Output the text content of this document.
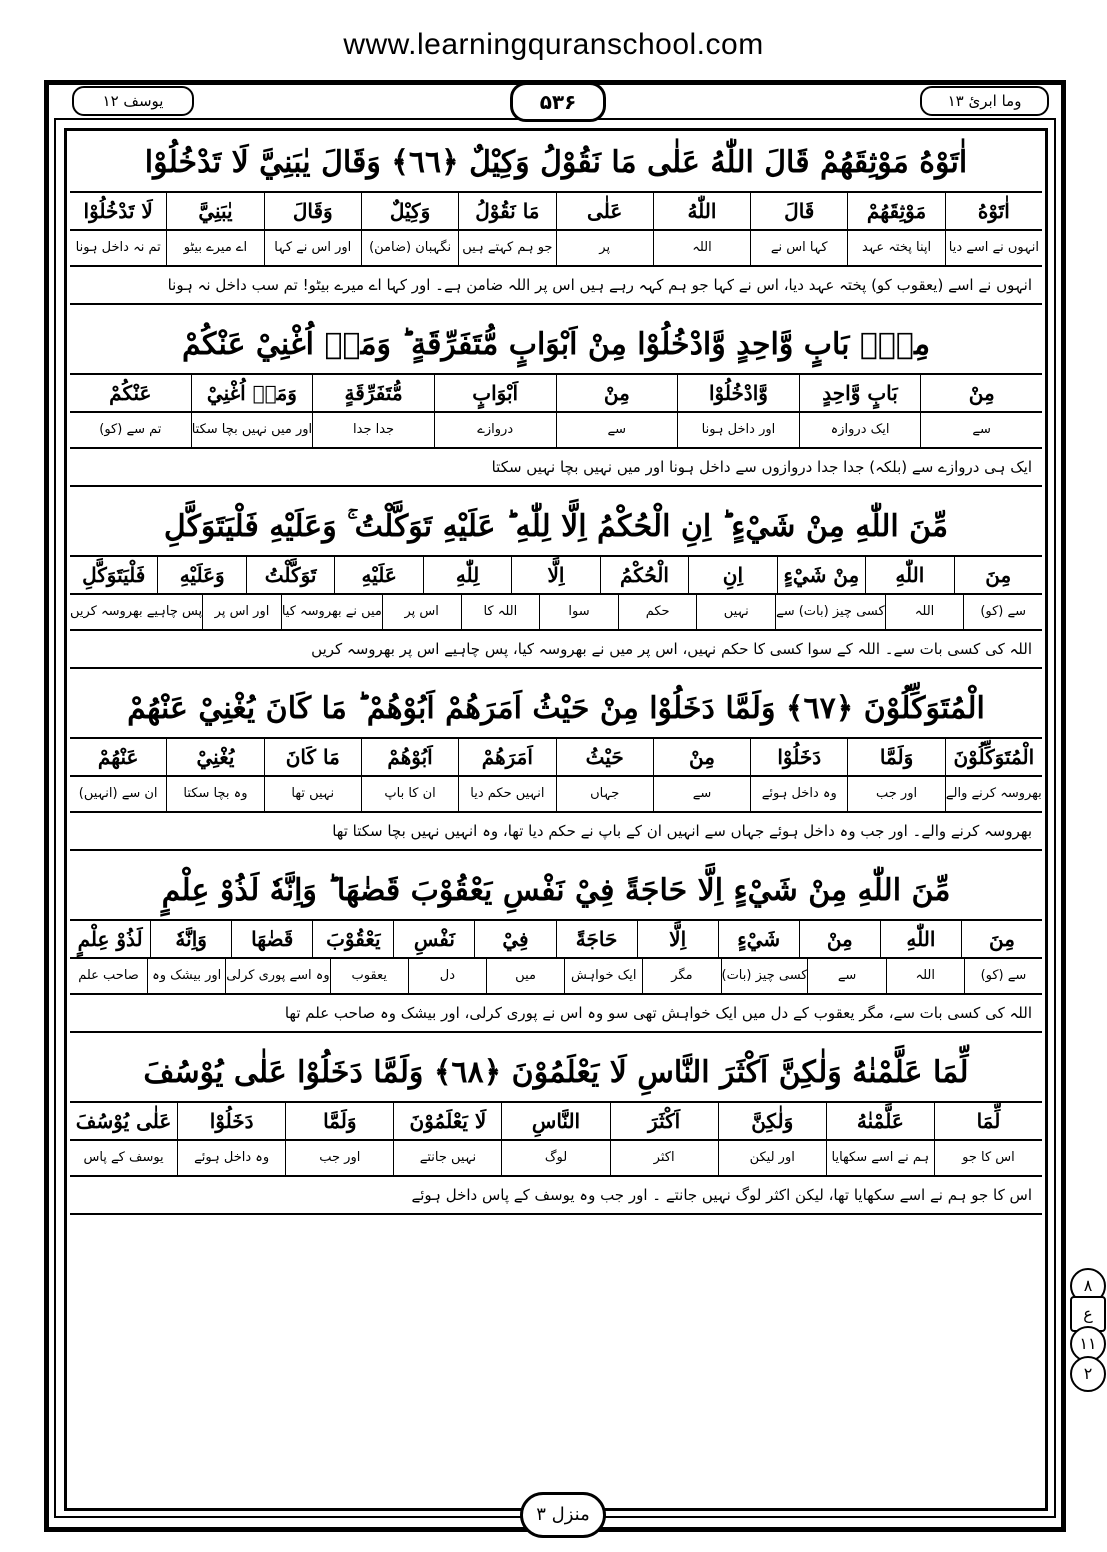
www.learningquranschool.com
یوسف ۱۲	۵۳۶	وما ابرئ ۱۳
۸
ع
۱۱
۲
اٰتَوْهُ مَوْثِقَهُمْ قَالَ اللّٰهُ عَلٰى مَا نَقُوْلُ وَكِيْلٌ ﴿٦٦﴾ وَقَالَ يٰبَنِيَّ لَا تَدْخُلُوْا
اٰتَوْهُ
مَوْثِقَهُمْ
قَالَ
اللّٰهُ
عَلٰى
مَا نَقُوْلُ
وَكِيْلٌ
وَقَالَ
يٰبَنِيَّ
لَا تَدْخُلُوْا
انہوں نے اسے دیا
اپنا پختہ عہد
کہا اس نے
اللہ
پر
جو ہم کہتے ہیں
نگہبان (ضامن)
اور اس نے کہا
اے میرے بیٹو
تم نہ داخل ہونا
انہوں نے اسے (یعقوب کو) پختہ عہد دیا، اس نے کہا جو ہم کہہ رہے ہیں اس پر اللہ ضامن ہے۔ اور کہا اے میرے بیٹو! تم سب داخل نہ ہونا
مِنْۢ بَابٍ وَّاحِدٍ وَّادْخُلُوْا مِنْ اَبْوَابٍ مُّتَفَرِّقَةٍ ؕ وَمَاۤ اُغْنِيْ عَنْكُمْ
مِنْ
بَابٍ وَّاحِدٍ
وَّادْخُلُوْا
مِنْ
اَبْوَابٍ
مُّتَفَرِّقَةٍ
وَمَاۤ اُغْنِيْ
عَنْكُمْ
سے
ایک دروازہ
اور داخل ہونا
سے
دروازے
جدا جدا
اور میں نہیں بچا سکتا
تم سے (کو)
ایک ہی دروازے سے (بلکہ) جدا جدا دروازوں سے داخل ہونا اور میں نہیں بچا نہیں سکتا
مِّنَ اللّٰهِ مِنْ شَيْءٍ ؕ اِنِ الْحُكْمُ اِلَّا لِلّٰهِ ؕ عَلَيْهِ تَوَكَّلْتُ ۚ وَعَلَيْهِ فَلْيَتَوَكَّلِ
مِنَ
اللّٰهِ
مِنْ شَيْءٍ
اِنِ
الْحُكْمُ
اِلَّا
لِلّٰهِ
عَلَيْهِ
تَوَكَّلْتُ
وَعَلَيْهِ
فَلْيَتَوَكَّلِ
سے (کو)
اللہ
کسی چیز (بات) سے
نہیں
حکم
سوا
اللہ کا
اس پر
میں نے بھروسہ کیا
اور اس پر
پس چاہیے بھروسہ کریں
اللہ کی کسی بات سے۔ اللہ کے سوا کسی کا حکم نہیں، اس پر میں نے بھروسہ کیا، پس چاہیے اس پر بھروسہ کریں
الْمُتَوَكِّلُوْنَ ﴿٦٧﴾ وَلَمَّا دَخَلُوْا مِنْ حَيْثُ اَمَرَهُمْ اَبُوْهُمْ ؕ مَا كَانَ يُغْنِيْ عَنْهُمْ
الْمُتَوَكِّلُوْنَ
وَلَمَّا
دَخَلُوْا
مِنْ
حَيْثُ
اَمَرَهُمْ
اَبُوْهُمْ
مَا كَانَ
يُغْنِيْ
عَنْهُمْ
بھروسہ کرنے والے
اور جب
وہ داخل ہوئے
سے
جہاں
انہیں حکم دیا
ان کا باپ
نہیں تھا
وہ بچا سکتا
ان سے (انہیں)
بھروسہ کرنے والے۔ اور جب وہ داخل ہوئے جہاں سے انہیں ان کے باپ نے حکم دیا تھا، وہ انہیں نہیں بچا سکتا تھا
مِّنَ اللّٰهِ مِنْ شَيْءٍ اِلَّا حَاجَةً فِيْ نَفْسِ يَعْقُوْبَ قَضٰهَا ؕ وَاِنَّهٗ لَذُوْ عِلْمٍ
مِنَ
اللّٰهِ
مِنْ
شَيْءٍ
اِلَّا
حَاجَةً
فِيْ
نَفْسِ
يَعْقُوْبَ
قَضٰهَا
وَاِنَّهٗ
لَذُوْ عِلْمٍ
سے (کو)
اللہ
سے
کسی چیز (بات)
مگر
ایک خواہش
میں
دل
یعقوب
وہ اسے پوری کرلی
اور بیشک وہ
صاحب علم
اللہ کی کسی بات سے، مگر یعقوب کے دل میں ایک خواہش تھی سو وہ اس نے پوری کرلی، اور بیشک وہ صاحب علم تھا
لِّمَا عَلَّمْنٰهُ وَلٰكِنَّ اَكْثَرَ النَّاسِ لَا يَعْلَمُوْنَ ﴿٦٨﴾ وَلَمَّا دَخَلُوْا عَلٰى يُوْسُفَ
لِّمَا
عَلَّمْنٰهُ
وَلٰكِنَّ
اَكْثَرَ
النَّاسِ
لَا يَعْلَمُوْنَ
وَلَمَّا
دَخَلُوْا
عَلٰى يُوْسُفَ
اس کا جو
ہم نے اسے سکھایا
اور لیکن
اکثر
لوگ
نہیں جانتے
اور جب
وہ داخل ہوئے
یوسف کے پاس
اس کا جو ہم نے اسے سکھایا تھا، لیکن اکثر لوگ نہیں جانتے ۔ اور جب وہ یوسف کے پاس داخل ہوئے
منزل ۳
